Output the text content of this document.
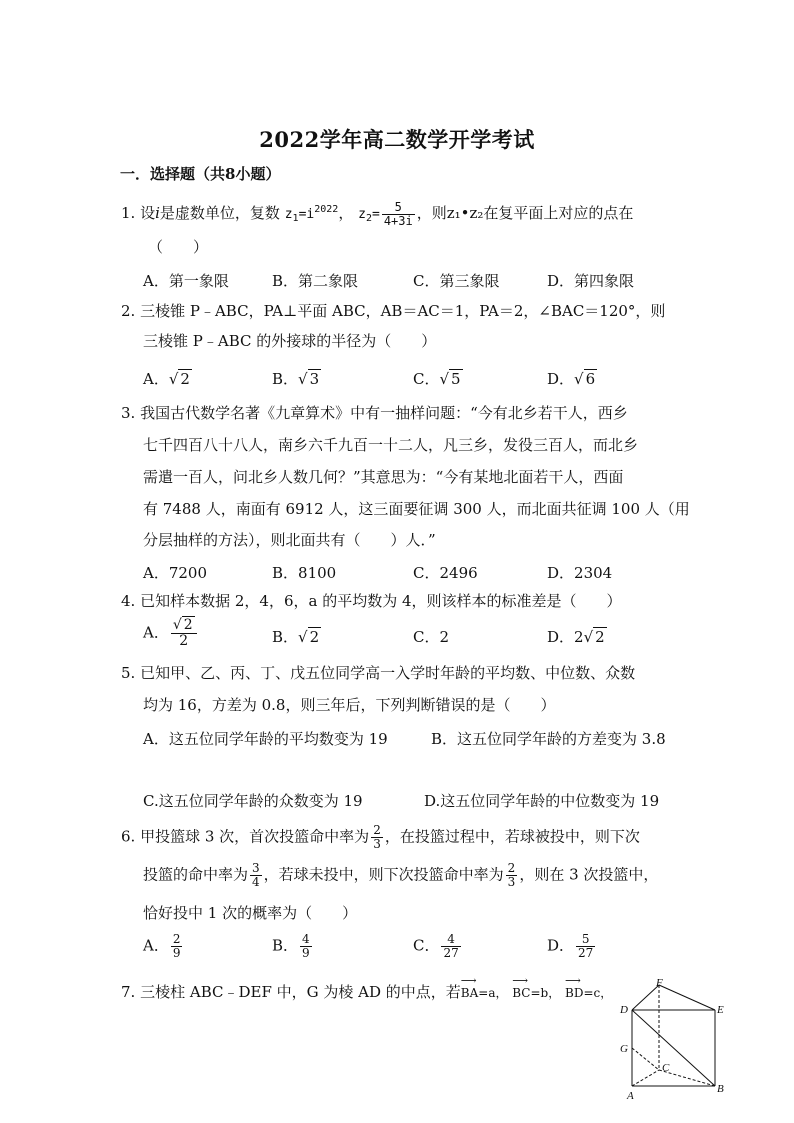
2022学年高二数学开学考试
一．选择题（共8小题）
1. 设i是虚数单位，复数 $z_1=i^{2022}$， $z_2= \frac{5}{4+3i}$ ，则z₁•z₂在复平面上对应的点在
（　　）
A．第一象限	B．第二象限	C．第三象限	D．第四象限
2. 三棱锥 P﹣ABC，PA⊥平面 ABC，AB＝AC＝1，PA＝2，∠BAC＝120°，则
三棱锥 P﹣ABC 的外接球的半径为（　　）
A．√ 2	B．√ 3	C．√ 5	D．√ 6
3. 我国古代数学名著《九章算术》中有一抽样问题：“今有北乡若干人，西乡
七千四百八十八人，南乡六千九百一十二人，凡三乡，发役三百人，而北乡
需遣一百人，问北乡人数几何？”其意思为：“今有某地北面若干人，西面
有 7488 人，南面有 6912 人，这三面要征调 300 人，而北面共征调 100 人（用
分层抽样的方法），则北面共有（　　）人．”
A．7200	B．8100	C．2496	D．2304
4. 已知样本数据 2，4，6，a 的平均数为 4，则该样本的标准差是（　　）
A． $\frac{√ 2}{2}$	B．√ 2	C．2	D．2√ 2
5. 已知甲、乙、丙、丁、戊五位同学高一入学时年龄的平均数、中位数、众数
均为 16，方差为 0.8，则三年后，下列判断错误的是（　　）
A．这五位同学年龄的平均数变为 19	B．这五位同学年龄的方差变为 3.8
C.这五位同学年龄的众数变为 19	D.这五位同学年龄的中位数变为 19
6. 甲投篮球 3 次，首次投篮命中率为 $\frac{2}{3}$ ，在投篮过程中，若球被投中，则下次
投篮的命中率为 $\frac{3}{4}$ ，若球未投中，则下次投篮命中率为 $\frac{2}{3}$ ，则在 3 次投篮中，
恰好投中 1 次的概率为（　　）
A． $\frac{2}{9}$	B． $\frac{4}{9}$	C． $\frac{4}{27}$	D． $\frac{5}{27}$
7. 三棱柱 ABC﹣DEF 中，G 为棱 AD 的中点，若⟶ BA=a， ⟶ BC=b， ⟶ BD=c，
F
D	E
G
C
A
B
